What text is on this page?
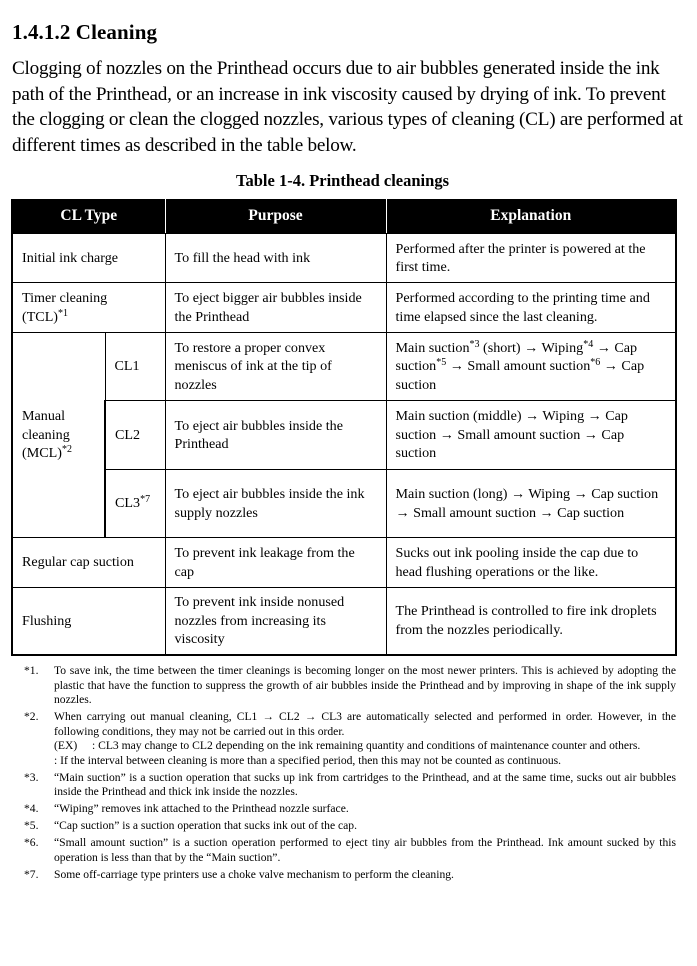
1.4.1.2 Cleaning
Clogging of nozzles on the Printhead occurs due to air bubbles generated inside the ink path of the Printhead, or an increase in ink viscosity caused by drying of ink. To prevent the clogging or clean the clogged nozzles, various types of cleaning (CL) are performed at different times as described in the table below.
Table 1-4. Printhead cleanings
CL Type		Purpose	Explanation
Initial ink charge		To fill the head with ink	Performed after the printer is powered at the first time.
Timer cleaning (TCL)$^{*1}$		To eject bigger air bubbles inside the Printhead	Performed according to the printing time and time elapsed since the last cleaning.
Manual cleaning (MCL)$^{*2}$	CL1	To restore a proper convex meniscus of ink at the tip of nozzles	Main suction$^{*3}$ (short) → Wiping$^{*4}$ → Cap suction$^{*5}$ → Small amount suction$^{*6}$ → Cap suction
	CL2	To eject air bubbles inside the Printhead	Main suction (middle) → Wiping → Cap suction → Small amount suction → Cap suction
	CL3$^{*7}$	To eject air bubbles inside the ink supply nozzles	Main suction (long) → Wiping → Cap suction → Small amount suction → Cap suction
Regular cap suction		To prevent ink leakage from the cap	Sucks out ink pooling inside the cap due to head flushing operations or the like.
Flushing		To prevent ink inside nonused nozzles from increasing its viscosity	The Printhead is controlled to fire ink droplets from the nozzles periodically.
*1.	To save ink, the time between the timer cleanings is becoming longer on the most newer printers. This is achieved by adopting the plastic that have the function to suppress the growth of air bubbles inside the Printhead and by improving in shape of the ink supply nozzles.
*2.	When carrying out manual cleaning, CL1 → CL2 → CL3 are automatically selected and performed in order. However, in the following conditions, they may not be carried out in this order.
(EX)	: CL3 may change to CL2 depending on the ink remaining quantity and conditions of maintenance counter and others.
: If the interval between cleaning is more than a specified period, then this may not be counted as continuous.
*3.	“Main suction” is a suction operation that sucks up ink from cartridges to the Printhead, and at the same time, sucks out air bubbles inside the Printhead and thick ink inside the nozzles.
*4.	“Wiping” removes ink attached to the Printhead nozzle surface.
*5.	“Cap suction” is a suction operation that sucks ink out of the cap.
*6.	“Small amount suction” is a suction operation performed to eject tiny air bubbles from the Printhead. Ink amount sucked by this operation is less than that by the “Main suction”.
*7.	Some off-carriage type printers use a choke valve mechanism to perform the cleaning.
